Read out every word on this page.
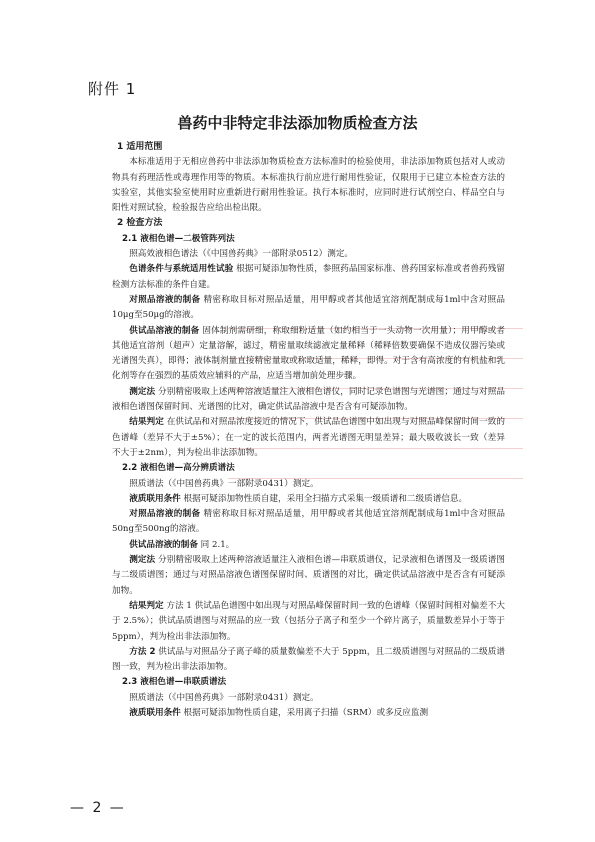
附件 1
兽药中非特定非法添加物质检查方法
1 适用范围

本标准适用于无相应兽药中非法添加物质检查方法标准时的检验使用，非法添加物质包括对人或动物具有药理活性或毒理作用等的物质。本标准执行前应进行耐用性验证，仅限用于已建立本检查方法的实验室，其他实验室使用时应重新进行耐用性验证。执行本标准时，应同时进行试剂空白、样品空白与阳性对照试验，检验报告应给出检出限。

2 检查方法
2.1 液相色谱—二极管阵列法

照高效液相色谱法（《中国兽药典》一部附录0512）测定。

色谱条件与系统适用性试验 根据可疑添加物性质，参照药品国家标准、兽药国家标准或者兽药残留检测方法标准的条件自建。

对照品溶液的制备 精密称取目标对照品适量，用甲醇或者其他适宜溶剂配制成每1ml中含对照品10μg至50μg的溶液。

供试品溶液的制备 固体制剂需研细，称取细粉适量（如约相当于一头动物一次用量）；用甲醇或者其他适宜溶剂（超声）定量溶解，滤过，精密量取续滤液定量稀释（稀释倍数要确保不造成仪器污染或光谱图失真），即得；液体制剂量直接精密量取或称取适量，稀释，即得。对于含有高浓度的有机盐和乳化剂等存在强烈的基质效应辅料的产品，应适当增加前处理步骤。

测定法 分别精密吸取上述两种溶液适量注入液相色谱仪，同时记录色谱图与光谱图；通过与对照品液相色谱图保留时间、光谱图的比对，确定供试品溶液中是否含有可疑添加物。

结果判定 在供试品和对照品浓度接近的情况下，供试品色谱图中如出现与对照品峰保留时间一致的色谱峰（差异不大于±5%）；在一定的波长范围内，两者光谱图无明显差异；最大吸收波长一致（差异不大于±2nm），判为检出非法添加物。

2.2 液相色谱—高分辨质谱法

照质谱法（《中国兽药典》一部附录0431）测定。

液质联用条件 根据可疑添加物性质自建，采用全扫描方式采集一级质谱和二级质谱信息。

对照品溶液的制备 精密称取目标对照品适量，用甲醇或者其他适宜溶剂配制成每1ml中含对照品50ng至500ng的溶液。

供试品溶液的制备 同 2.1。

测定法 分别精密吸取上述两种溶液适量注入液相色谱—串联质谱仪，记录液相色谱图及一级质谱图与二级质谱图；通过与对照品溶液色谱图保留时间、质谱图的对比，确定供试品溶液中是否含有可疑添加物。

结果判定 方法 1 供试品色谱图中如出现与对照品峰保留时间一致的色谱峰（保留时间相对偏差不大于 2.5%）；供试品质谱图与对照品的应一致（包括分子离子和至少一个碎片离子，质量数差异小于等于 5ppm），判为检出非法添加物。

方法 2 供试品与对照品分子离子峰的质量数偏差不大于 5ppm，且二级质谱图与对照品的二级质谱图一致，判为检出非法添加物。

2.3 液相色谱—串联质谱法

照质谱法（《中国兽药典》一部附录0431）测定。

液质联用条件 根据可疑添加物性质自建，采用离子扫描（SRM）或多反应监测

— 2 —
